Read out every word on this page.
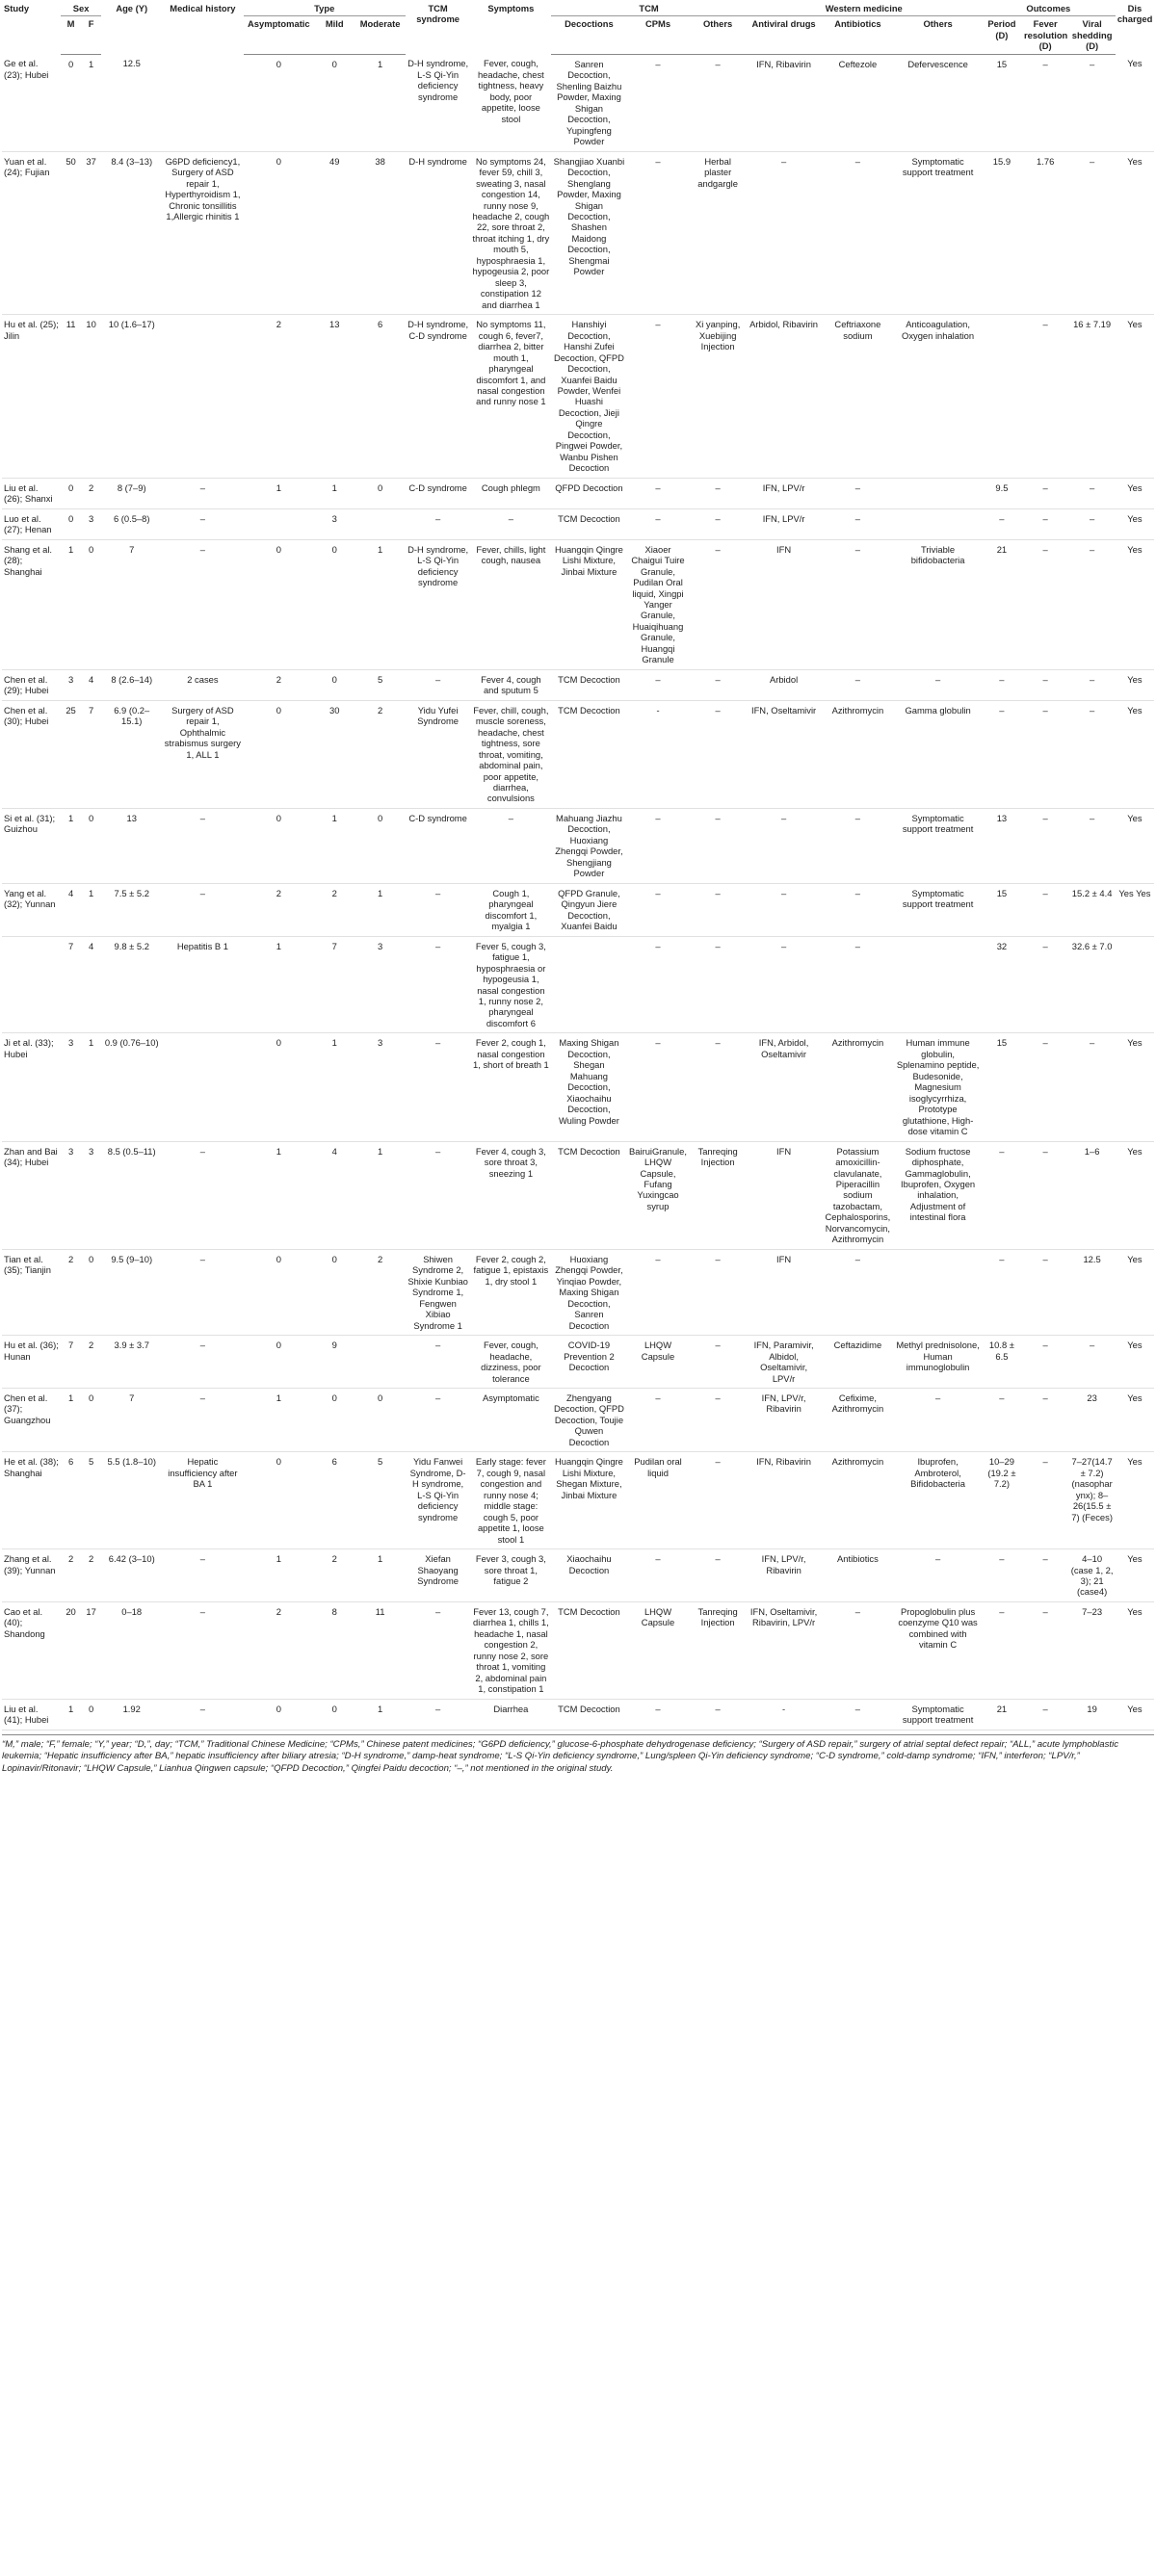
Study	Sex		Age (Y)	Medical history	Type			TCM syndrome	Symptoms	TCM			Western medicine			Outcomes			Dis charged
	M	F			Asymptomatic	Mild	Moderate			Decoctions	CPMs	Others	Antiviral drugs	Antibiotics	Others	Period (D)	Fever resolution (D)	Viral shedding (D)	
Ge et al. (23); Hubei	0	1	12.5		0	0	1	D-H syndrome, L-S Qi-Yin deficiency syndrome	Fever, cough, headache, chest tightness, heavy body, poor appetite, loose stool	Sanren Decoction, Shenling Baizhu Powder, Maxing Shigan Decoction, Yupingfeng Powder	–	–	IFN, Ribavirin	Ceftezole	Defervescence	15	–	–	Yes
Yuan et al. (24); Fujian	50	37	8.4 (3–13)	G6PD deficiency1, Surgery of ASD repair 1, Hyperthyroidism 1, Chronic tonsillitis 1,Allergic rhinitis 1	0	49	38	D-H syndrome	No symptoms 24, fever 59, chill 3, sweating 3, nasal congestion 14, runny nose 9, headache 2, cough 22, sore throat 2, throat itching 1, dry mouth 5, hyposphraesia 1, hypogeusia 2, poor sleep 3, constipation 12 and diarrhea 1	Shangjiao Xuanbi Decoction, Shenglang Powder, Maxing Shigan Decoction, Shashen Maidong Decoction, Shengmai Powder	–	Herbal plaster andgargle	–	–	Symptomatic support treatment	15.9	1.76	–	Yes
Hu et al. (25); Jilin	11	10	10 (1.6–17)		2	13	6	D-H syndrome, C-D syndrome	No symptoms 11, cough 6, fever7, diarrhea 2, bitter mouth 1, pharyngeal discomfort 1, and nasal congestion and runny nose 1	Hanshiyi Decoction, Hanshi Zufei Decoction, QFPD Decoction, Xuanfei Baidu Powder, Wenfei Huashi Decoction, Jieji Qingre Decoction, Pingwei Powder, Wanbu Pishen Decoction	–	Xi yanping, Xuebijing Injection	Arbidol, Ribavirin	Ceftriaxone sodium	Anticoagulation, Oxygen inhalation		–	16 ± 7.19	Yes
Liu et al. (26); Shanxi	0	2	8 (7–9)	–	1	1	0	C-D syndrome	Cough phlegm	QFPD Decoction	–	–	IFN, LPV/r	–		9.5	–	–	Yes
Luo et al. (27); Henan	0	3	6 (0.5–8)	–		3		–	–	TCM Decoction	–	–	IFN, LPV/r	–		–	–	–	Yes
Shang et al. (28); Shanghai	1	0	7	–	0	0	1	D-H syndrome, L-S Qi-Yin deficiency syndrome	Fever, chills, light cough, nausea	Huangqin Qingre Lishi Mixture, Jinbai Mixture	Xiaoer Chaigui Tuire Granule, Pudilan Oral liquid, Xingpi Yanger Granule, Huaiqihuang Granule, Huangqi Granule	–	IFN	–	Triviable bifidobacteria	21	–	–	Yes
Chen et al. (29); Hubei	3	4	8 (2.6–14)	2 cases	2	0	5	–	Fever 4, cough and sputum 5	TCM Decoction	–	–	Arbidol	–	–	–	–	–	Yes
Chen et al. (30); Hubei	25	7	6.9 (0.2– 15.1)	Surgery of ASD repair 1, Ophthalmic strabismus surgery 1, ALL 1	0	30	2	Yidu Yufei Syndrome	Fever, chill, cough, muscle soreness, headache, chest tightness, sore throat, vomiting, abdominal pain, poor appetite, diarrhea, convulsions	TCM Decoction	-	–	IFN, Oseltamivir	Azithromycin	Gamma globulin	–	–	–	Yes
Si et al. (31); Guizhou	1	0	13	–	0	1	0	C-D syndrome	–	Mahuang Jiazhu Decoction, Huoxiang Zhengqi Powder, Shengjiang Powder	–	–	–	–	Symptomatic support treatment	13	–	–	Yes
Yang et al. (32); Yunnan	4	1	7.5 ± 5.2	–	2	2	1	–	Cough 1, pharyngeal discomfort 1, myalgia 1	QFPD Granule, Qingyun Jiere Decoction, Xuanfei Baidu	–	–	–	–	Symptomatic support treatment	15	–	15.2 ± 4.4	Yes Yes
	7	4	9.8 ± 5.2	Hepatitis B 1	1	7	3	–	Fever 5, cough 3, fatigue 1, hyposphraesia or hypogeusia 1, nasal congestion 1, runny nose 2, pharyngeal discomfort 6		–	–	–	–		32	–	32.6 ± 7.0	
Ji et al. (33); Hubei	3	1	0.9 (0.76–10)		0	1	3	–	Fever 2, cough 1, nasal congestion 1, short of breath 1	Maxing Shigan Decoction, Shegan Mahuang Decoction, Xiaochaihu Decoction, Wuling Powder	–	–	IFN, Arbidol, Oseltamivir	Azithromycin	Human immune globulin, Splenamino peptide, Budesonide, Magnesium isoglycyrrhiza, Prototype glutathione, High-dose vitamin C	15	–	–	Yes
Zhan and Bai (34); Hubei	3	3	8.5 (0.5–11)	–	1	4	1	–	Fever 4, cough 3, sore throat 3, sneezing 1	TCM Decoction	BairuiGranule, LHQW Capsule, Fufang Yuxingcao syrup	Tanreqing Injection	IFN	Potassium amoxicillin-clavulanate, Piperacillin sodium tazobactam, Cephalosporins, Norvancomycin, Azithromycin	Sodium fructose diphosphate, Gammaglobulin, Ibuprofen, Oxygen inhalation, Adjustment of intestinal flora	–	–	1–6	Yes
Tian et al. (35); Tianjin	2	0	9.5 (9–10)	–	0	0	2	Shiwen Syndrome 2, Shixie Kunbiao Syndrome 1, Fengwen Xibiao Syndrome 1	Fever 2, cough 2, fatigue 1, epistaxis 1, dry stool 1	Huoxiang Zhengqi Powder, Yinqiao Powder, Maxing Shigan Decoction, Sanren Decoction	–	–	IFN	–		–	–	12.5	Yes
Hu et al. (36); Hunan	7	2	3.9 ± 3.7	–	0	9		–	Fever, cough, headache, dizziness, poor tolerance	COVID-19 Prevention 2 Decoction	LHQW Capsule	–	IFN, Paramivir, Albidol, Oseltamivir, LPV/r	Ceftazidime	Methyl prednisolone, Human immunoglobulin	10.8 ± 6.5	–	–	Yes
Chen et al. (37); Guangzhou	1	0	7	–	1	0	0	–	Asymptomatic	Zhengyang Decoction, QFPD Decoction, Toujie Quwen Decoction	–	–	IFN, LPV/r, Ribavirin	Cefixime, Azithromycin	–	–	–	23	Yes
He et al. (38); Shanghai	6	5	5.5 (1.8–10)	Hepatic insufficiency after BA 1	0	6	5	Yidu Fanwei Syndrome, D-H syndrome, L-S Qi-Yin deficiency syndrome	Early stage: fever 7, cough 9, nasal congestion and runny nose 4; middle stage: cough 5, poor appetite 1, loose stool 1	Huangqin Qingre Lishi Mixture, Shegan Mixture, Jinbai Mixture	Pudilan oral liquid	–	IFN, Ribavirin	Azithromycin	Ibuprofen, Ambroterol, Bifidobacteria	10–29 (19.2 ± 7.2)	–	7–27(14.7 ± 7.2) (nasopharynx); 8–26(15.5 ± 7) (Feces)	Yes
Zhang et al. (39); Yunnan	2	2	6.42 (3–10)	–	1	2	1	Xiefan Shaoyang Syndrome	Fever 3, cough 3, sore throat 1, fatigue 2	Xiaochaihu Decoction	–	–	IFN, LPV/r, Ribavirin	Antibiotics	–	–	–	4–10 (case 1, 2, 3); 21 (case4)	Yes
Cao et al. (40); Shandong	20	17	0–18	–	2	8	11	–	Fever 13, cough 7, diarrhea 1, chills 1, headache 1, nasal congestion 2, runny nose 2, sore throat 1, vomiting 2, abdominal pain 1, constipation 1	TCM Decoction	LHQW Capsule	Tanreqing Injection	IFN, Oseltamivir, Ribavirin, LPV/r	–	Propoglobulin plus coenzyme Q10 was combined with vitamin C	–	–	7–23	Yes
Liu et al. (41); Hubei	1	0	1.92	–	0	0	1	–	Diarrhea	TCM Decoction	–	–	-	–	Symptomatic support treatment	21	–	19	Yes
“M,” male; “F,” female; “Y,” year; “D,”, day; “TCM,” Traditional Chinese Medicine; “CPMs,” Chinese patent medicines; “G6PD deficiency,” glucose-6-phosphate dehydrogenase deficiency; “Surgery of ASD repair,” surgery of atrial septal defect repair; “ALL,” acute lymphoblastic leukemia; “Hepatic insufficiency after BA,” hepatic insufficiency after biliary atresia; “D-H syndrome,” damp-heat syndrome; “L-S Qi-Yin deficiency syndrome,” Lung/spleen Qi-Yin deficiency syndrome; “C-D syndrome,” cold-damp syndrome; “IFN,” interferon; “LPV/r,” Lopinavir/Ritonavir; “LHQW Capsule,” Lianhua Qingwen capsule; “QFPD Decoction,” Qingfei Paidu decoction; “–,” not mentioned in the original study.
